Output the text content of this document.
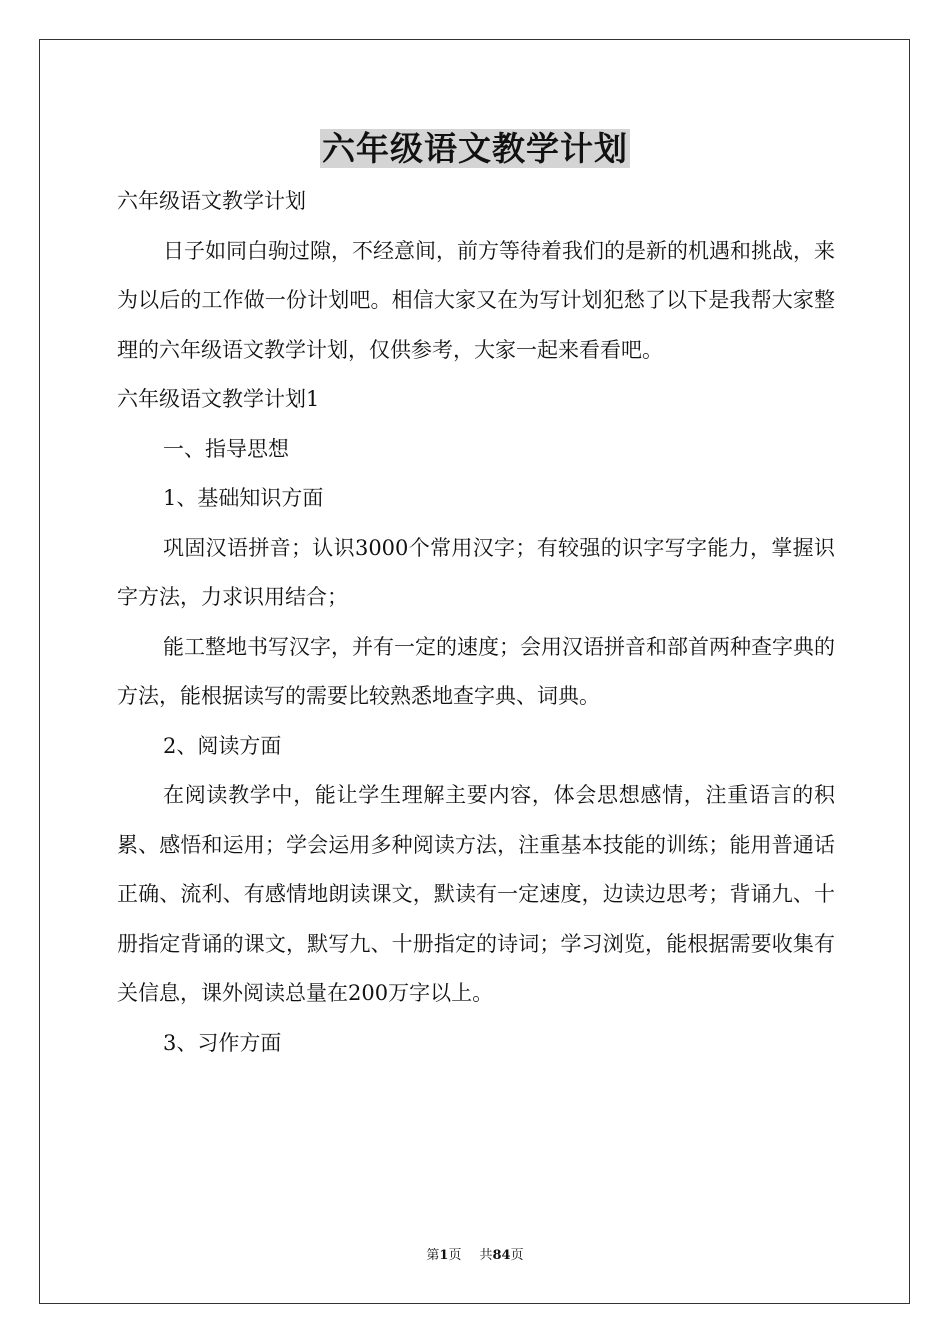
六年级语文教学计划

六年级语文教学计划

日子如同白驹过隙，不经意间，前方等待着我们的是新的机遇和挑战，来为以后的工作做一份计划吧。相信大家又在为写计划犯愁了以下是我帮大家整理的六年级语文教学计划，仅供参考，大家一起来看看吧。

六年级语文教学计划1

一、指导思想

1、基础知识方面

巩固汉语拼音；认识3000个常用汉字；有较强的识字写字能力，掌握识字方法，力求识用结合；

能工整地书写汉字，并有一定的速度；会用汉语拼音和部首两种查字典的方法，能根据读写的需要比较熟悉地查字典、词典。

2、阅读方面

在阅读教学中，能让学生理解主要内容，体会思想感情，注重语言的积累、感悟和运用；学会运用多种阅读方法，注重基本技能的训练；能用普通话正确、流利、有感情地朗读课文，默读有一定速度，边读边思考；背诵九、十册指定背诵的课文，默写九、十册指定的诗词；学习浏览，能根据需要收集有关信息，课外阅读总量在200万字以上。

3、习作方面

第1页 共84页
